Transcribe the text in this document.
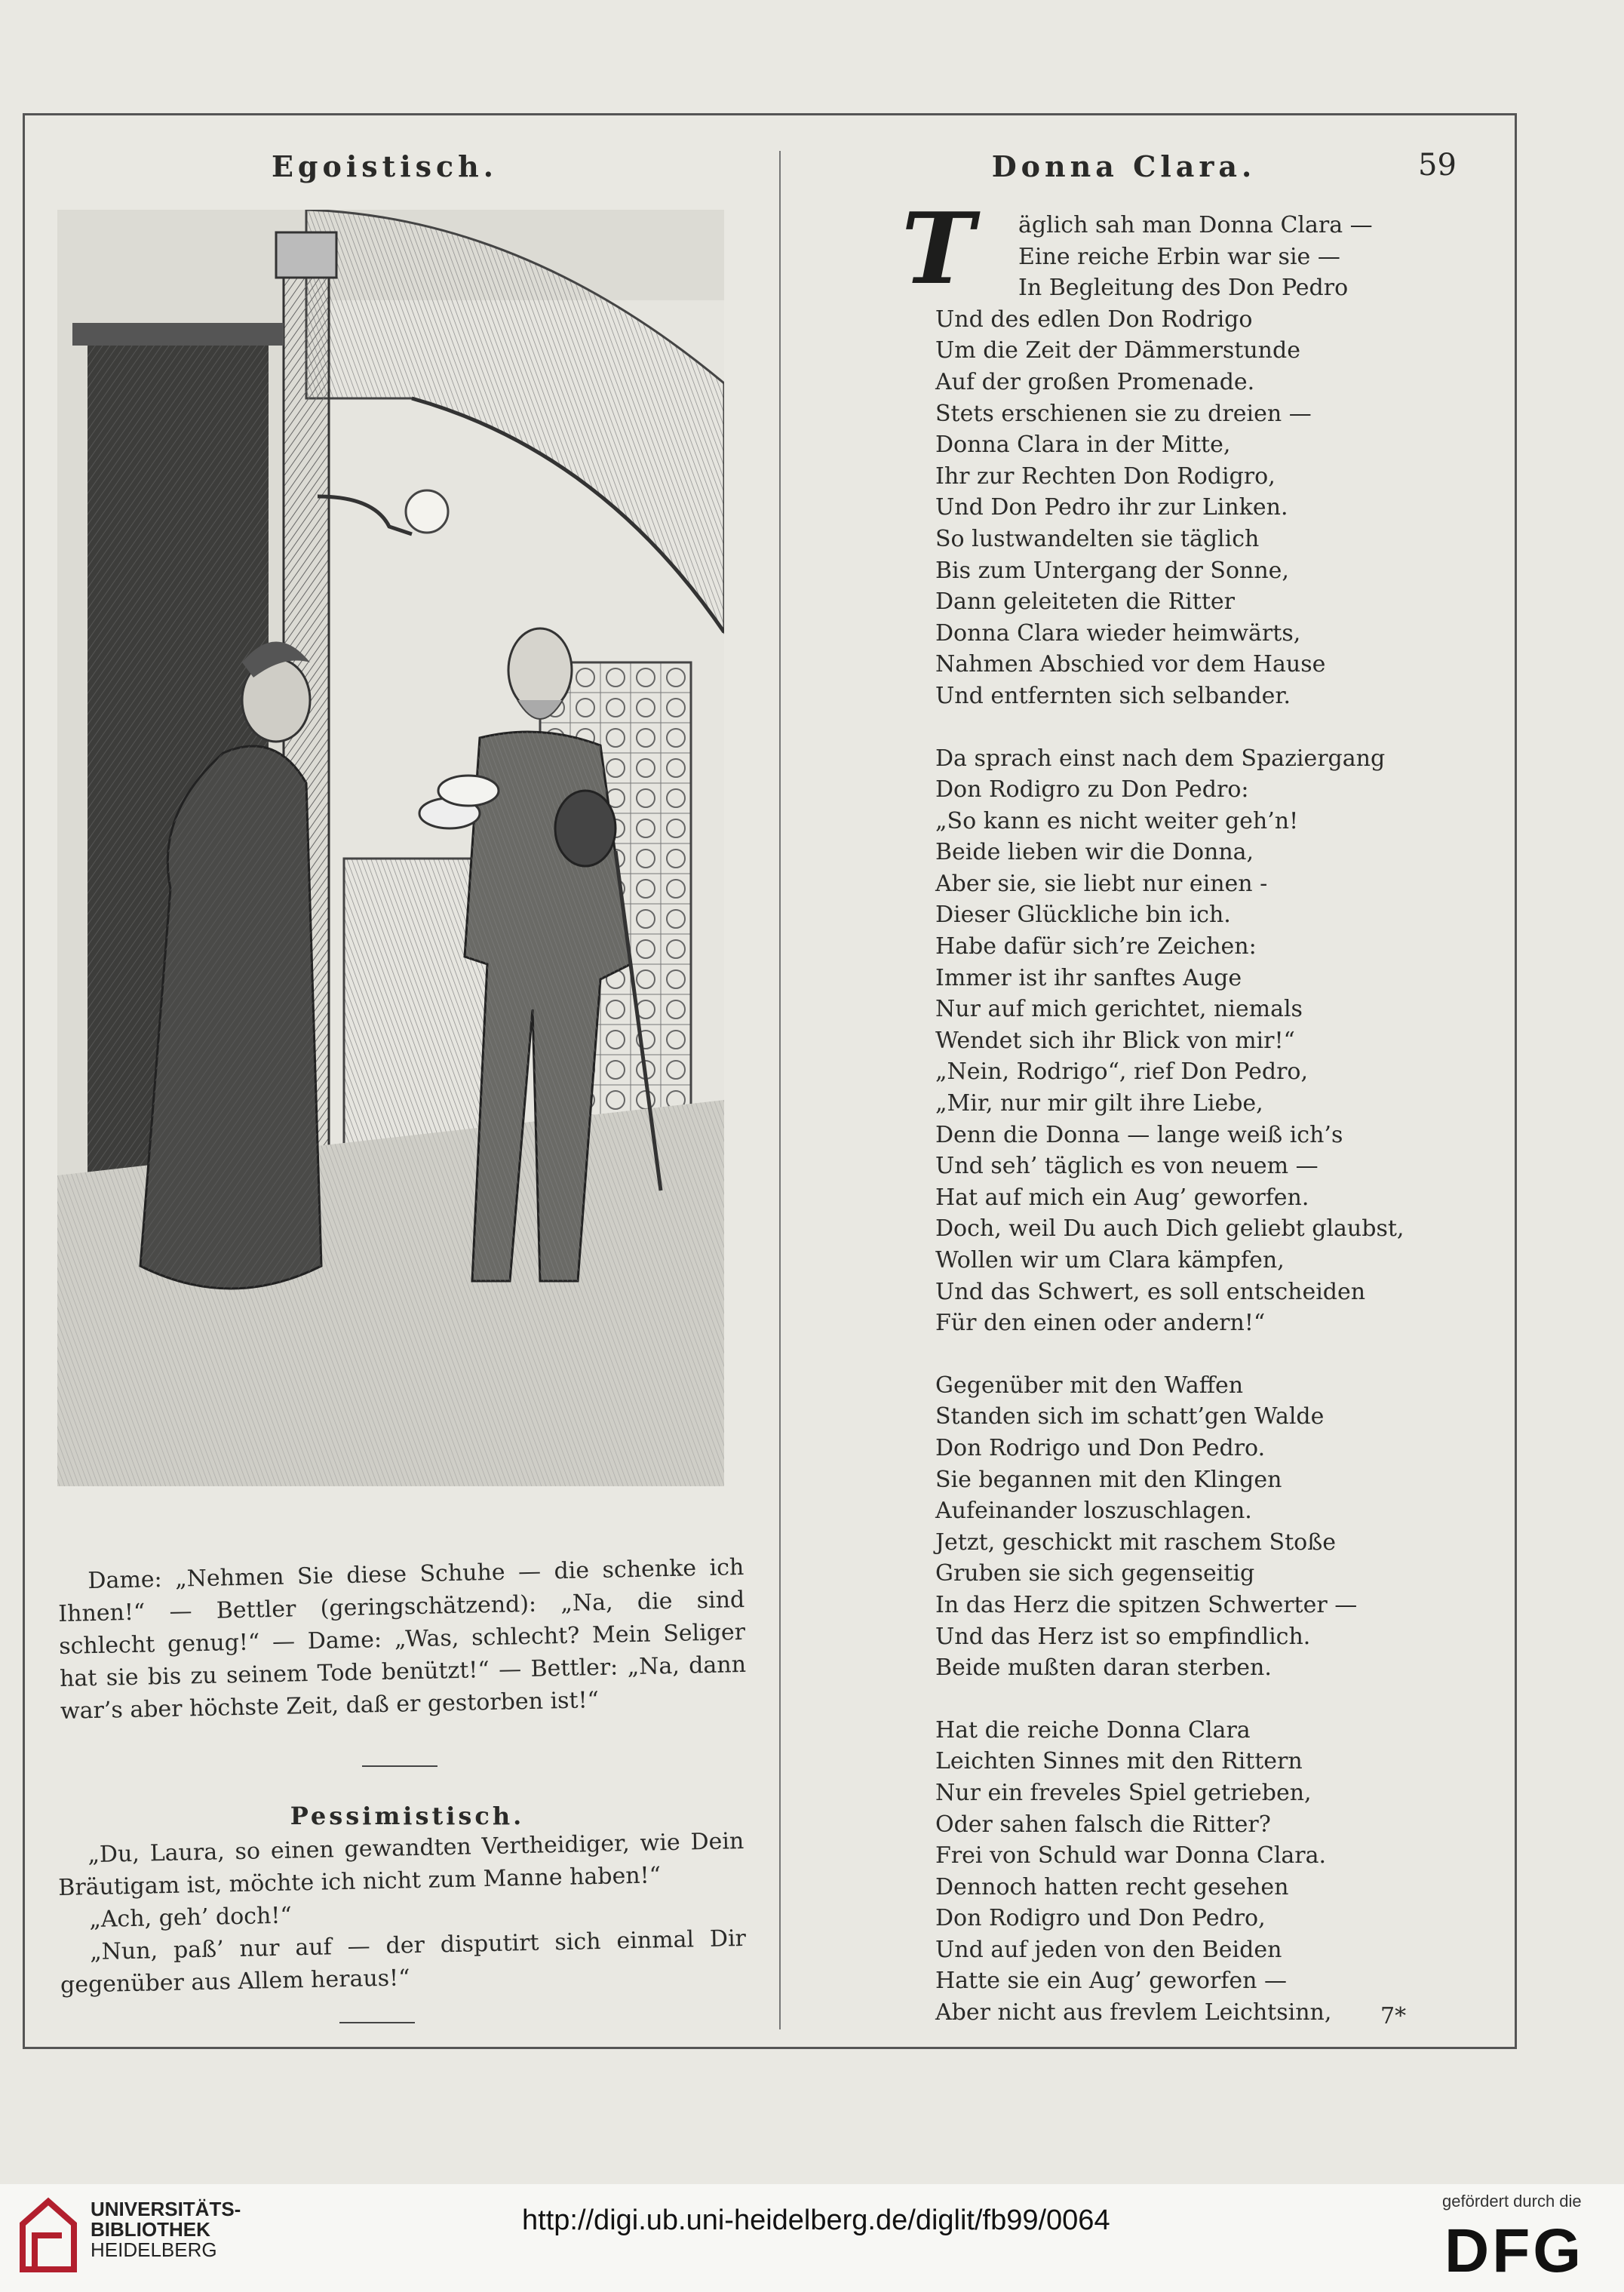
Egoistisch.	Donna Clara.	59

Dame: „Nehmen Sie diese Schuhe — die schenke ich Ihnen!“ — Bettler (geringschätzend): „Na, die sind schlecht genug!“ — Dame: „Was, schlecht? Mein Seliger hat sie bis zu seinem Tode benützt!“ — Bettler: „Na, dann war’s aber höchste Zeit, daß er gestorben ist!“

Pessimistisch.

„Du, Laura, so einen gewandten Vertheidiger, wie Dein Bräutigam ist, möchte ich nicht zum Manne haben!“

„Ach, geh’ doch!“

„Nun, paß’ nur auf — der disputirt sich einmal Dir gegenüber aus Allem heraus!“

T	äglich sah man Donna Clara —
Eine reiche Erbin war sie —
In Begleitung des Don Pedro
Und des edlen Don Rodrigo
Um die Zeit der Dämmerstunde
Auf der großen Promenade.
Stets erschienen sie zu dreien —
Donna Clara in der Mitte,
Ihr zur Rechten Don Rodigro,
Und Don Pedro ihr zur Linken.
So lustwandelten sie täglich
Bis zum Untergang der Sonne,
Dann geleiteten die Ritter
Donna Clara wieder heimwärts,
Nahmen Abschied vor dem Hause
Und entfernten sich selbander.
Da sprach einst nach dem Spaziergang
Don Rodigro zu Don Pedro:
„So kann es nicht weiter geh’n!
Beide lieben wir die Donna,
Aber sie, sie liebt nur einen -
Dieser Glückliche bin ich.
Habe dafür sich’re Zeichen:
Immer ist ihr sanftes Auge
Nur auf mich gerichtet, niemals
Wendet sich ihr Blick von mir!“
„Nein, Rodrigo“, rief Don Pedro,
„Mir, nur mir gilt ihre Liebe,
Denn die Donna — lange weiß ich’s
Und seh’ täglich es von neuem —
Hat auf mich ein Aug’ geworfen.
Doch, weil Du auch Dich geliebt glaubst,
Wollen wir um Clara kämpfen,
Und das Schwert, es soll entscheiden
Für den einen oder andern!“
Gegenüber mit den Waffen
Standen sich im schatt’gen Walde
Don Rodrigo und Don Pedro.
Sie begannen mit den Klingen
Aufeinander loszuschlagen.
Jetzt, geschickt mit raschem Stoße
Gruben sie sich gegenseitig
In das Herz die spitzen Schwerter —
Und das Herz ist so empfindlich.
Beide mußten daran sterben.
Hat die reiche Donna Clara
Leichten Sinnes mit den Rittern
Nur ein freveles Spiel getrieben,
Oder sahen falsch die Ritter?
Frei von Schuld war Donna Clara.
Dennoch hatten recht gesehen
Don Rodigro und Don Pedro,
Und auf jeden von den Beiden
Hatte sie ein Aug’ geworfen —
Aber nicht aus frevlem Leichtsinn,	7*
UNIVERSITÄTS-
BIBLIOTHEK
HEIDELBERG
http://digi.ub.uni-heidelberg.de/diglit/fb99/0064
gefördert durch die
DFG
